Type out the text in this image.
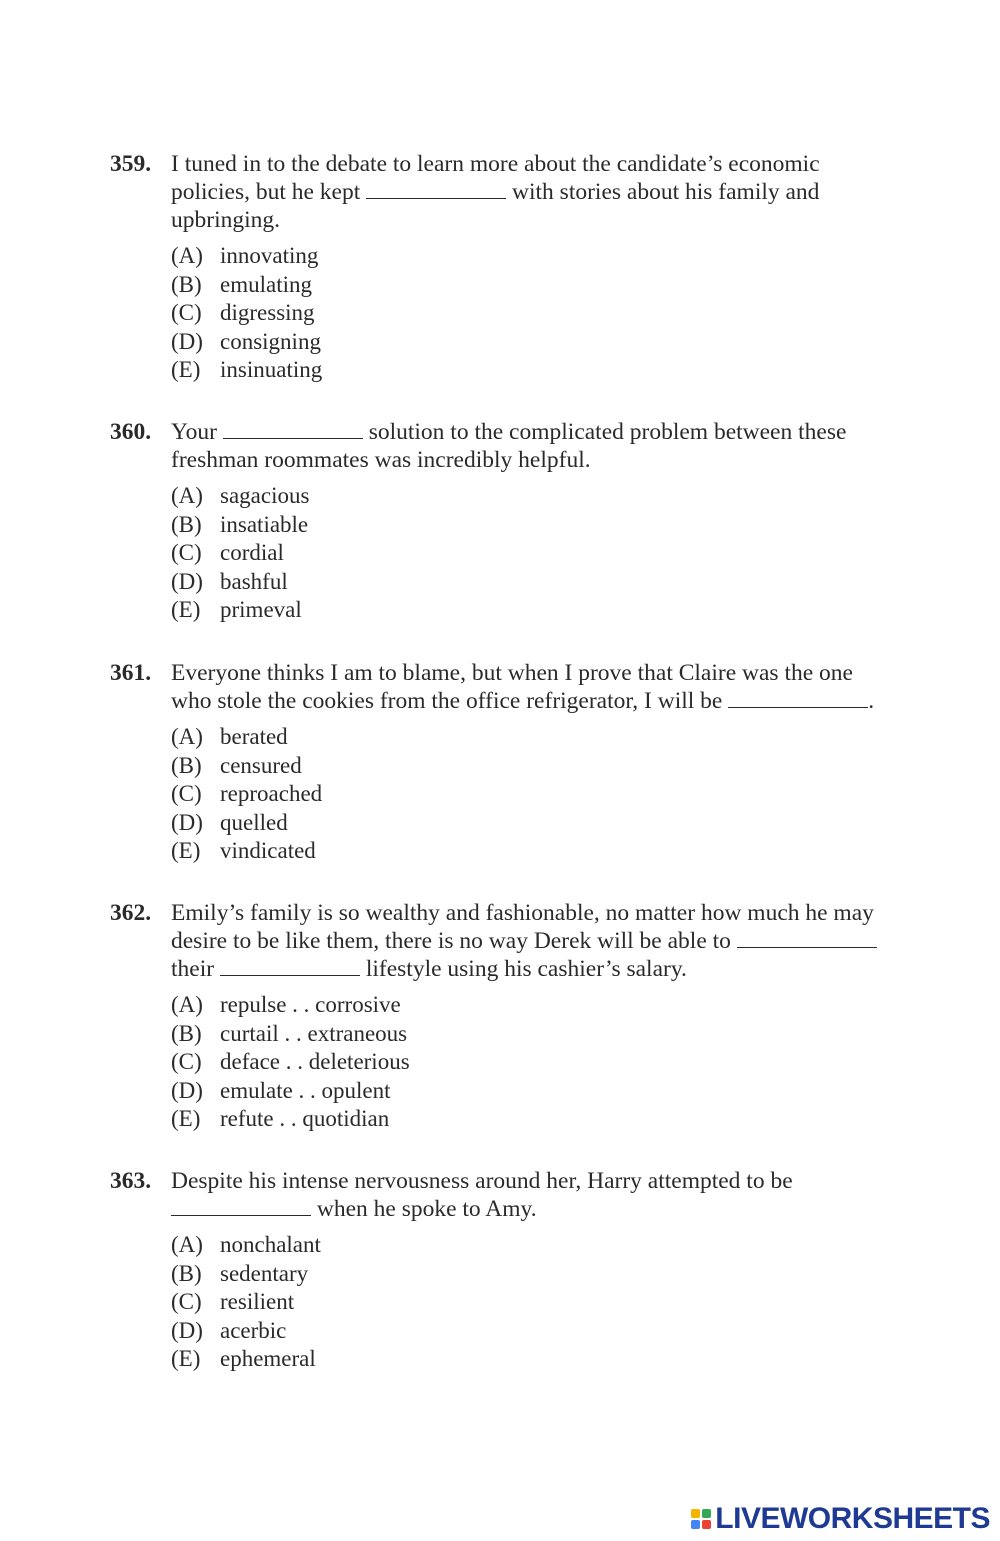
359. I tuned in to the debate to learn more about the candidate’s economic
policies, but he kept	with stories about his family and
upbringing.
(A) innovating
(B) emulating
(C) digressing
(D) consigning
(E) insinuating
360. Your	solution to the complicated problem between these
freshman roommates was incredibly helpful.
(A) sagacious
(B) insatiable
(C) cordial
(D) bashful
(E) primeval
361. Everyone thinks I am to blame, but when I prove that Claire was the one
who stole the cookies from the office refrigerator, I will be	.
(A) berated
(B) censured
(C) reproached
(D) quelled
(E) vindicated
362. Emily’s family is so wealthy and fashionable, no matter how much he may
desire to be like them, there is no way Derek will be able to
their	lifestyle using his cashier’s salary.
(A) repulse . . corrosive
(B) curtail . . extraneous
(C) deface . . deleterious
(D) emulate . . opulent
(E) refute . . quotidian
363. Despite his intense nervousness around her, Harry attempted to be
when he spoke to Amy.
(A) nonchalant
(B) sedentary
(C) resilient
(D) acerbic
(E) ephemeral
LIVEWORKSHEETS
